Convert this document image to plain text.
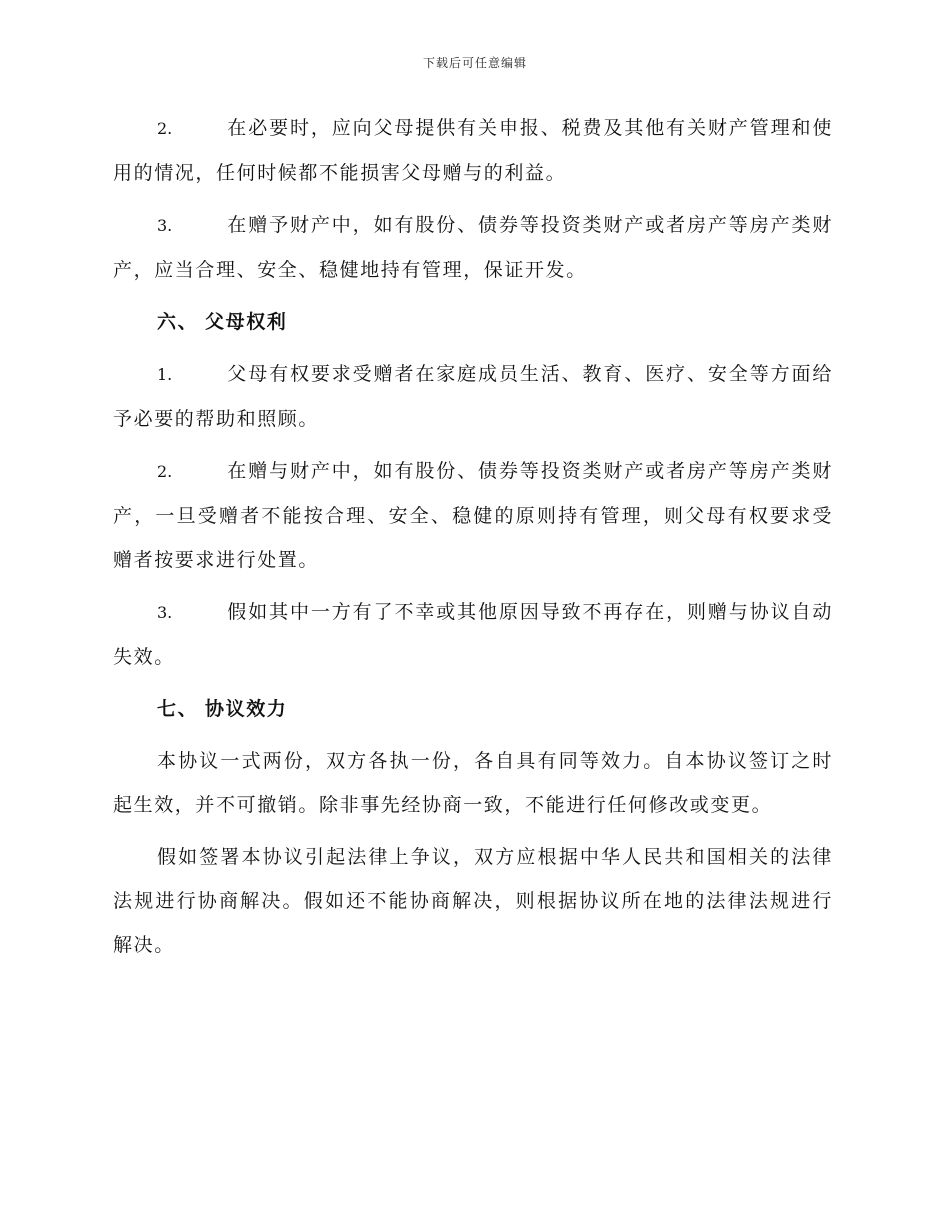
下载后可任意编辑

2.	在必要时，应向父母提供有关申报、税费及其他有关财产管理和使用的情况，任何时候都不能损害父母赠与的利益。

3.	在赠予财产中，如有股份、债券等投资类财产或者房产等房产类财产，应当合理、安全、稳健地持有管理，保证开发。

六、 父母权利

1.	父母有权要求受赠者在家庭成员生活、教育、医疗、安全等方面给予必要的帮助和照顾。

2.	在赠与财产中，如有股份、债券等投资类财产或者房产等房产类财产，一旦受赠者不能按合理、安全、稳健的原则持有管理，则父母有权要求受赠者按要求进行处置。

3.	假如其中一方有了不幸或其他原因导致不再存在，则赠与协议自动失效。

七、 协议效力

本协议一式两份，双方各执一份，各自具有同等效力。自本协议签订之时起生效，并不可撤销。除非事先经协商一致，不能进行任何修改或变更。

假如签署本协议引起法律上争议，双方应根据中华人民共和国相关的法律法规进行协商解决。假如还不能协商解决，则根据协议所在地的法律法规进行解决。
